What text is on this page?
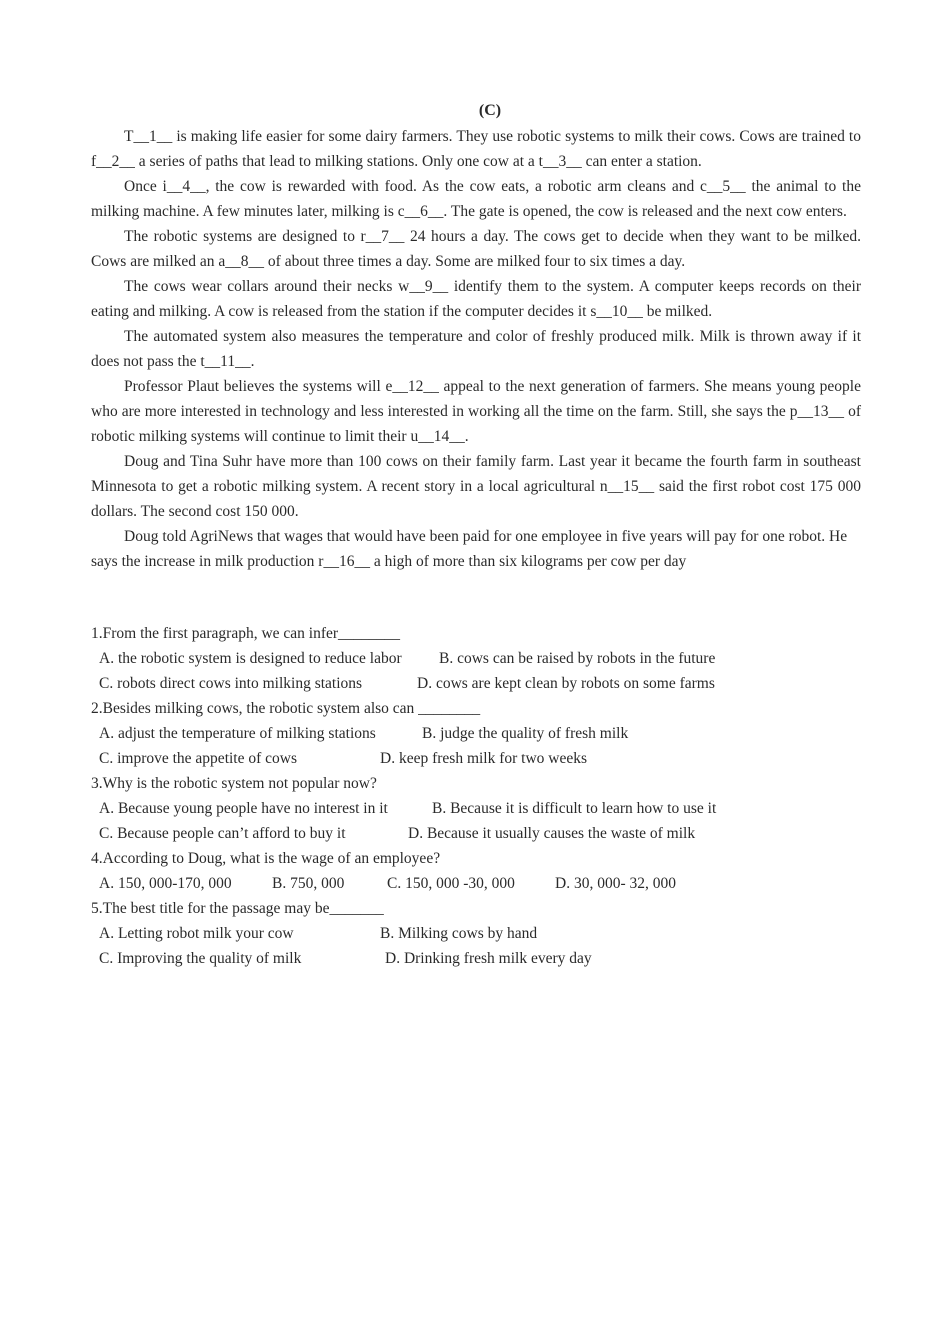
(C)

T__1__ is making life easier for some dairy farmers. They use robotic systems to milk their cows. Cows are trained to f__2__ a series of paths that lead to milking stations. Only one cow at a t__3__ can enter a station.

Once i__4__, the cow is rewarded with food. As the cow eats, a robotic arm cleans and c__5__ the animal to the milking machine. A few minutes later, milking is c__6__. The gate is opened, the cow is released and the next cow enters.

The robotic systems are designed to r__7__ 24 hours a day. The cows get to decide when they want to be milked. Cows are milked an a__8__ of about three times a day. Some are milked four to six times a day.

The cows wear collars around their necks w__9__ identify them to the system. A computer keeps records on their eating and milking. A cow is released from the station if the computer decides it s__10__ be milked.

The automated system also measures the temperature and color of freshly produced milk. Milk is thrown away if it does not pass the t__11__.

Professor Plaut believes the systems will e__12__ appeal to the next generation of farmers. She means young people who are more interested in technology and less interested in working all the time on the farm. Still, she says the p__13__ of robotic milking systems will continue to limit their u__14__.

Doug and Tina Suhr have more than 100 cows on their family farm. Last year it became the fourth farm in southeast Minnesota to get a robotic milking system. A recent story in a local agricultural n__15__ said the first robot cost 175 000 dollars. The second cost 150 000.

Doug told AgriNews that wages that would have been paid for one employee in five years will pay for one robot. He says the increase in milk production r__16__ a high of more than six kilograms per cow per day

1.From the first paragraph, we can infer________
A. the robotic system is designed to reduce labor B. cows can be raised by robots in the future
C. robots direct cows into milking stations	D. cows are kept clean by robots on some farms
2.Besides milking cows, the robotic system also can ________
A. adjust the temperature of milking stations	B. judge the quality of fresh milk
C. improve the appetite of cows	D. keep fresh milk for two weeks
3.Why is the robotic system not popular now?
A. Because young people have no interest in it	B. Because it is difficult to learn how to use it
C. Because people can’t afford to buy it	D. Because it usually causes the waste of milk
4.According to Doug, what is the wage of an employee?
A. 150, 000-170, 000	B. 750, 000	C. 150, 000 -30, 000	D. 30, 000- 32, 000
5.The best title for the passage may be_______
A. Letting robot milk your cow	B. Milking cows by hand
C. Improving the quality of milk	D. Drinking fresh milk every day
